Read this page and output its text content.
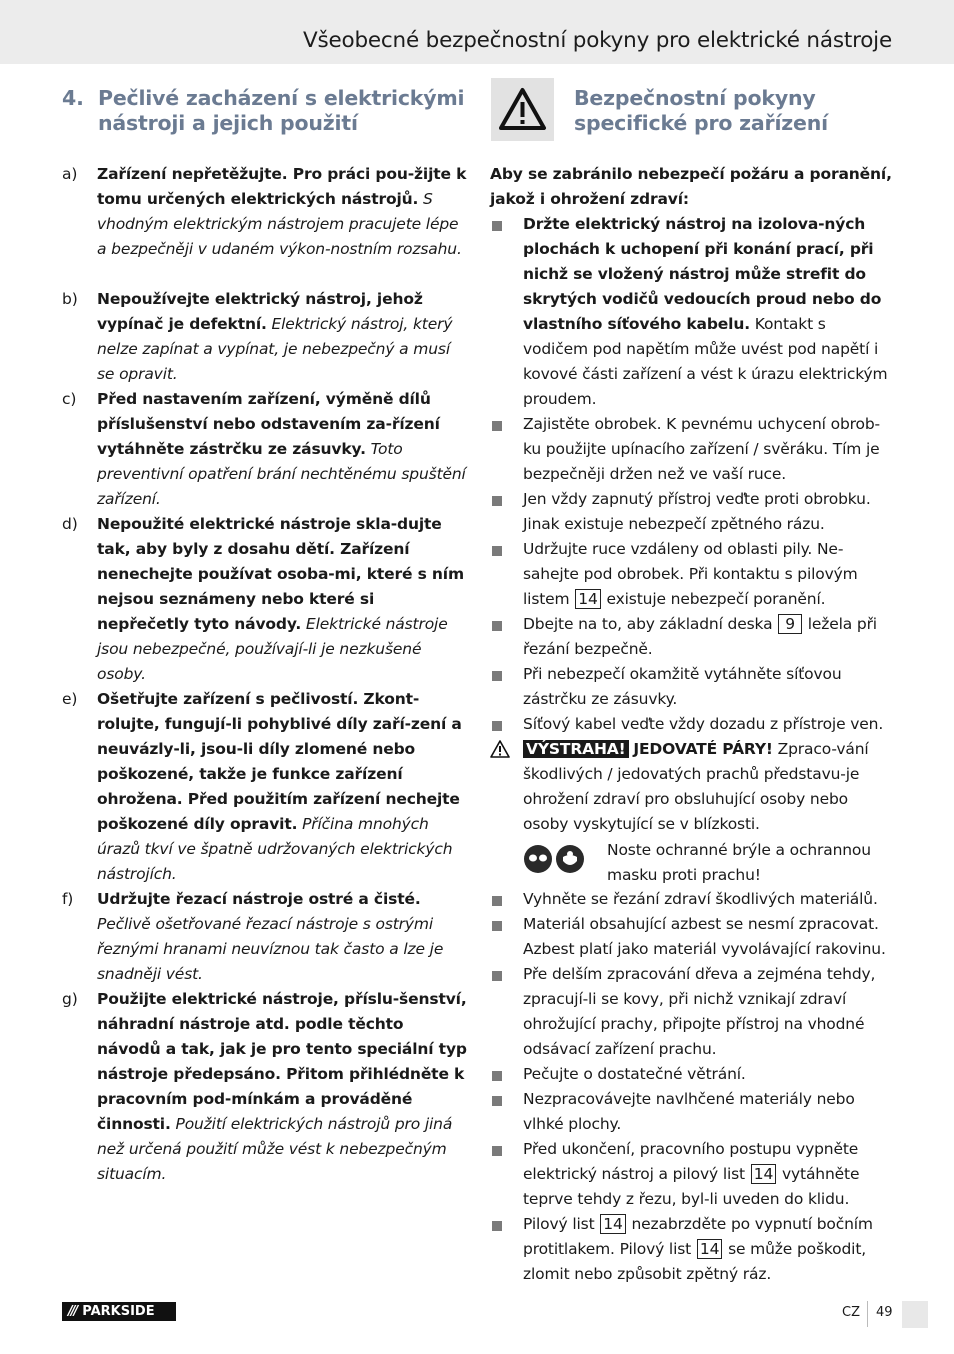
Všeobecné bezpečnostní pokyny pro elektrické nástroje
4. Pečlivé zacházení s elektrickými nástroji a jejich použití
a) Zařízení nepřetěžujte. Pro práci pou-žijte k tomu určených elektrických nástrojů. S vhodným elektrickým nástrojem pracujete lépe a bezpečněji v udaném výkon-nostním rozsahu.
b) Nepoužívejte elektrický nástroj, jehož vypínač je defektní. Elektrický nástroj, který nelze zapínat a vypínat, je nebezpečný a musí se opravit.
c) Před nastavením zařízení, výměně dílů příslušenství nebo odstavením za-řízení vytáhněte zástrčku ze zásuvky. Toto preventivní opatření brání nechtěnému spuštění zařízení.
d) Nepoužité elektrické nástroje skla-dujte tak, aby byly z dosahu dětí. Zařízení nenechejte používat osoba-mi, které s ním nejsou seznámeny nebo které si nepřečetly tyto návody. Elektrické nástroje jsou nebezpečné, používají-li je nezkušené osoby.
e) Ošetřujte zařízení s pečlivostí. Zkont-rolujte, fungují-li pohyblivé díly zaří-zení a neuvázly-li, jsou-li díly zlomené nebo poškozené, takže je funkce zařízení ohrožena. Před použitím zařízení nechejte poškozené díly opravit. Příčina mnohých úrazů tkví ve špatně udržovaných elektrických nástrojích.
f) Udržujte řezací nástroje ostré a čisté. Pečlivě ošetřované řezací nástroje s ostrými řeznými hranami neuvíznou tak často a lze je snadněji vést.
g) Použijte elektrické nástroje, příslu-šenství, náhradní nástroje atd. podle těchto návodů a tak, jak je pro tento speciální typ nástroje předepsáno. Přitom přihlédněte k pracovním pod-mínkám a prováděné činnosti. Použití elektrických nástrojů pro jiná než určená použití může vést k nebezpečným situacím.
Bezpečnostní pokyny specifické pro zařízení
Aby se zabránilo nebezpečí požáru a poranění, jakož i ohrožení zdraví:
Držte elektrický nástroj na izolova-ných plochách k uchopení při konání prací, při nichž se vložený nástroj může strefit do skrytých vodičů vedoucích proud nebo do vlastního síťového kabelu. Kontakt s vodičem pod napětím může uvést pod napětí i kovové části zařízení a vést k úrazu elektrickým proudem.
Zajistěte obrobek. K pevnému uchycení obrob-ku použijte upínacího zařízení / svěráku. Tím je bezpečněji držen než ve vaší ruce.
Jen vždy zapnutý přístroj veďte proti obrobku. Jinak existuje nebezpečí zpětného rázu.
Udržujte ruce vzdáleny od oblasti pily. Ne-sahejte pod obrobek. Při kontaktu s pilovým listem 14 existuje nebezpečí poranění.
Dbejte na to, aby základní deska 9 ležela při řezání bezpečně.
Při nebezpečí okamžitě vytáhněte síťovou zástrčku ze zásuvky.
Síťový kabel veďte vždy dozadu z přístroje ven.
VÝSTRAHA! JEDOVATÉ PÁRY! Zpraco-vání škodlivých / jedovatých prachů představu-je ohrožení zdraví pro obsluhující osoby nebo osoby vyskytující se v blízkosti.
Noste ochranné brýle a ochrannou masku proti prachu!
Vyhněte se řezání zdraví škodlivých materiálů.
Materiál obsahující azbest se nesmí zpracovat. Azbest platí jako materiál vyvolávající rakovinu.
Pře delším zpracování dřeva a zejména tehdy, zpracují-li se kovy, při nichž vznikají zdraví ohrožující prachy, připojte přístroj na vhodné odsávací zařízení prachu.
Pečujte o dostatečné větrání.
Nezpracovávejte navlhčené materiály nebo vlhké plochy.
Před ukončení, pracovního postupu vypněte elektrický nástroj a pilový list 14 vytáhněte teprve tehdy z řezu, byl-li uveden do klidu.
Pilový list 14 nezabrzděte po vypnutí bočním protitlakem. Pilový list 14 se může poškodit, zlomit nebo způsobit zpětný ráz.
/// PARKSIDE	CZ 49
